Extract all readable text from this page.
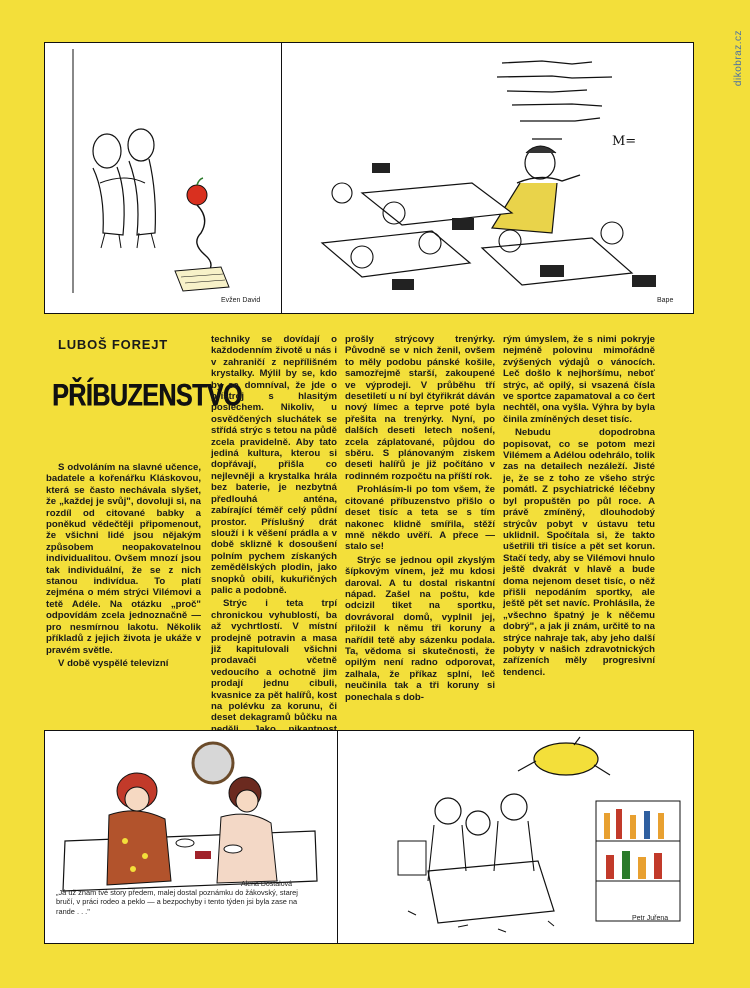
dikobraz.cz
Evžen David
M=
Bape
LUBOŠ FOREJT
PŘÍBUZENSTVO

S odvoláním na slavné učence, badatele a kořenářku Kláskovou, která se často nechávala slyšet, že „každej je svůj", dovoluji si, na rozdíl od citované babky a poněkud vědečtěji připomenout, že všichni lidé jsou nějakým způsobem neopakovatelnou individualitou. Ovšem mnozí jsou tak individuální, že se z nich stanou indivídua. To platí zejména o mém strýci Vilémovi a tetě Adéle. Na otázku „proč" odpovídám zcela jednoznačně — pro nesmírnou lakotu. Několik příkladů z jejich života je ukáže v pravém světle.

V době vyspělé televizní

techniky se dovídají o každodenním životě u nás i v zahraničí z nepřílišném krystalky. Mýlil by se, kdo by se domníval, že jde o přístroj s hlasitým poslechem. Nikoliv, u osvědčených sluchátek se střídá strýc s tetou na půdě zcela pravidelně. Aby tato jediná kultura, kterou si dopřávají, přišla co nejlevněji a krystalka hrála bez baterie, je nezbytná předlouhá anténa, zabírající téměř celý půdní prostor. Příslušný drát slouží i k věšení prádla a v době sklizně k dosoušení polním pychem získaných zemědělských plodin, jako snopků obilí, kukuřičných palic a podobně.

Strýc i teta trpí chronickou vyhublostí, ba až vychrtlostí. V místní prodejně potravin a masa již kapitulovali všichni prodavači včetně vedoucího a ochotně jim prodají jednu cibuli, kvasnice za pět halířů, kost na polévku za korunu, či deset dekagramů bůčku na

prošly strýcovy trenýrky. Původně se v nich ženil, ovšem to měly podobu pánské košile, samozřejmě starší, zakoupené ve výprodeji. V průběhu tří desetiletí u ní byl čtyřikrát dáván nový límec a teprve poté byla přešita na trenýrky. Nyní, po dalších deseti letech nošení, zcela záplatované, půjdou do sběru. S plánovaným ziskem deseti halířů je již počítáno v rodinném rozpočtu na příští rok.

Prohlásím-li po tom všem, že citované příbuzenstvo přišlo o deset tisíc a teta se s tím nakonec klidně smířila, stěží mně někdo uvěří. A přece — stalo se!

Strýc se jednou opil zkyslým šípkovým vínem, jež mu kdosi daroval. A tu dostal riskantní nápad. Zašel na poštu, kde odcizil tiket na sportku, dovrávoral domů, vyplnil jej, přiložil k němu tři koruny a nařídil tetě aby sázenku podala. Ta, vědoma si skutečnosti, že opilým není radno odporovat, zalhala, že příkaz splní, leč neučinila tak a tři koruny si ponechala s dob-

rým úmyslem, že s nimi pokryje nejméně polovinu mimořádně zvýšených výdajů o vánocích. Leč došlo k nejhoršímu, neboť strýc, ač opilý, si vsazená čísla ve sportce zapamatoval a co čert nechtěl, ona vyšla. Výhra by byla činila zmíněných deset tisíc.

Nebudu dopodrobna popisovat, co se potom mezi Vilémem a Adélou odehrálo, tolik zas na detailech nezáleží. Jisté je, že se z toho ze všeho strýc pomátl. Z psychiatrické léčebny byl propuštěn po půl roce. A právě zmíněný, dlouhodobý strýcův pobyt v ústavu tetu uklidnil. Spočítala si, že takto ušetřili tři tisíce a pět set korun. Stačí tedy, aby se Vilémovi hnulo ještě dvakrát v hlavě a bude doma nejenom deset tisíc, o něž přišli nepodáním sportky, ale ještě pět set navíc. Prohlásila, že „všechno špatný je k něčemu dobrý", a jak ji znám, určitě to na strýce nahraje tak, aby jeho další pobyty v našich zdravotnických zařízeních měly progresivní tendenci.

Alena Dostálová
„Já už znám tvé story předem, malej dostal poznámku do žákovský, starej bručí, v práci rodeo a peklo — a bezpochyby i tento týden jsi byla zase na rande . . ."
Petr Juřena
